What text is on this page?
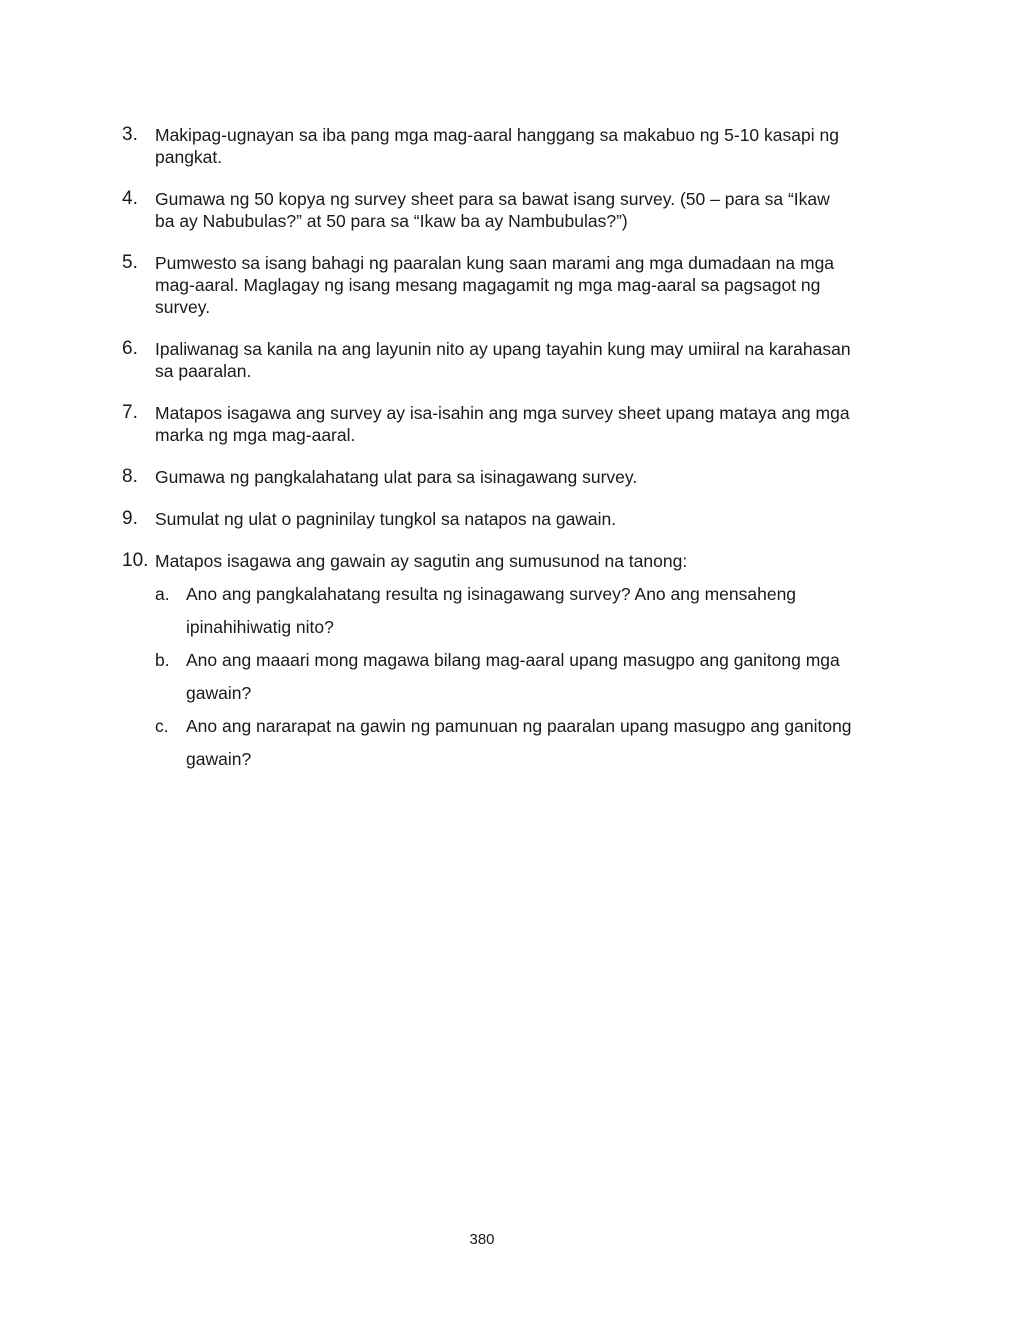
3. Makipag-ugnayan sa iba pang mga mag-aaral hanggang sa makabuo ng 5-10 kasapi ng pangkat.
4. Gumawa ng 50 kopya ng survey sheet para sa bawat isang survey. (50 – para sa “Ikaw ba ay Nabubulas?” at 50 para sa “Ikaw ba ay Nambubulas?”)
5. Pumwesto sa isang bahagi ng paaralan kung saan marami ang mga dumadaan na mga mag-aaral. Maglagay ng isang mesang magagamit ng mga mag-aaral sa pagsagot ng survey.
6. Ipaliwanag sa kanila na ang layunin nito ay upang tayahin kung may umiiral na karahasan sa paaralan.
7. Matapos isagawa ang survey ay isa-isahin ang mga survey sheet upang mataya ang mga marka ng mga mag-aaral.
8. Gumawa ng pangkalahatang ulat para sa isinagawang survey.
9. Sumulat ng ulat o pagninilay tungkol sa natapos na gawain.
10. Matapos isagawa ang gawain ay sagutin ang sumusunod na tanong:
a. Ano ang pangkalahatang resulta ng isinagawang survey? Ano ang mensaheng ipinahihiwatig nito?
b. Ano ang maaari mong magawa bilang mag-aaral upang masugpo ang ganitong mga gawain?
c. Ano ang nararapat na gawin ng pamunuan ng paaralan upang masugpo ang ganitong gawain?
380
